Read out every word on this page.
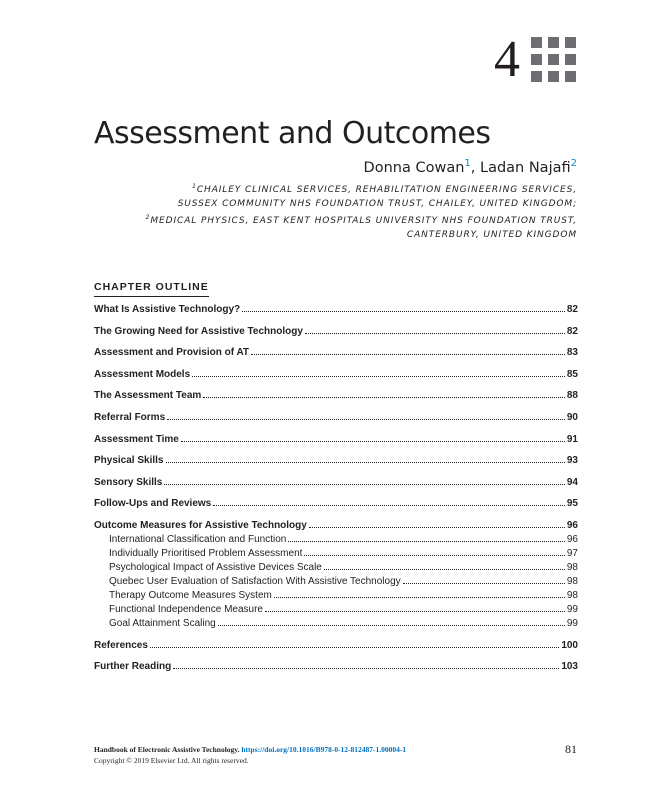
4
Assessment and Outcomes
Donna Cowan$^1$, Ladan Najafi$^2$
$^1$CHAILEY CLINICAL SERVICES, REHABILITATION ENGINEERING SERVICES,
SUSSEX COMMUNITY NHS FOUNDATION TRUST, CHAILEY, UNITED KINGDOM;
$^2$MEDICAL PHYSICS, EAST KENT HOSPITALS UNIVERSITY NHS FOUNDATION TRUST,
CANTERBURY, UNITED KINGDOM
CHAPTER OUTLINE
What Is Assistive Technology?	82
The Growing Need for Assistive Technology	82
Assessment and Provision of AT	83
Assessment Models	85
The Assessment Team	88
Referral Forms	90
Assessment Time	91
Physical Skills	93
Sensory Skills	94
Follow-Ups and Reviews	95
Outcome Measures for Assistive Technology	96
International Classification and Function	96
Individually Prioritised Problem Assessment	97
Psychological Impact of Assistive Devices Scale	98
Quebec User Evaluation of Satisfaction With Assistive Technology	98
Therapy Outcome Measures System	98
Functional Independence Measure	99
Goal Attainment Scaling	99
References	100
Further Reading	103
Handbook of Electronic Assistive Technology. https://doi.org/10.1016/B978-0-12-812487-1.00004-1
Copyright © 2019 Elsevier Ltd. All rights reserved.
81
